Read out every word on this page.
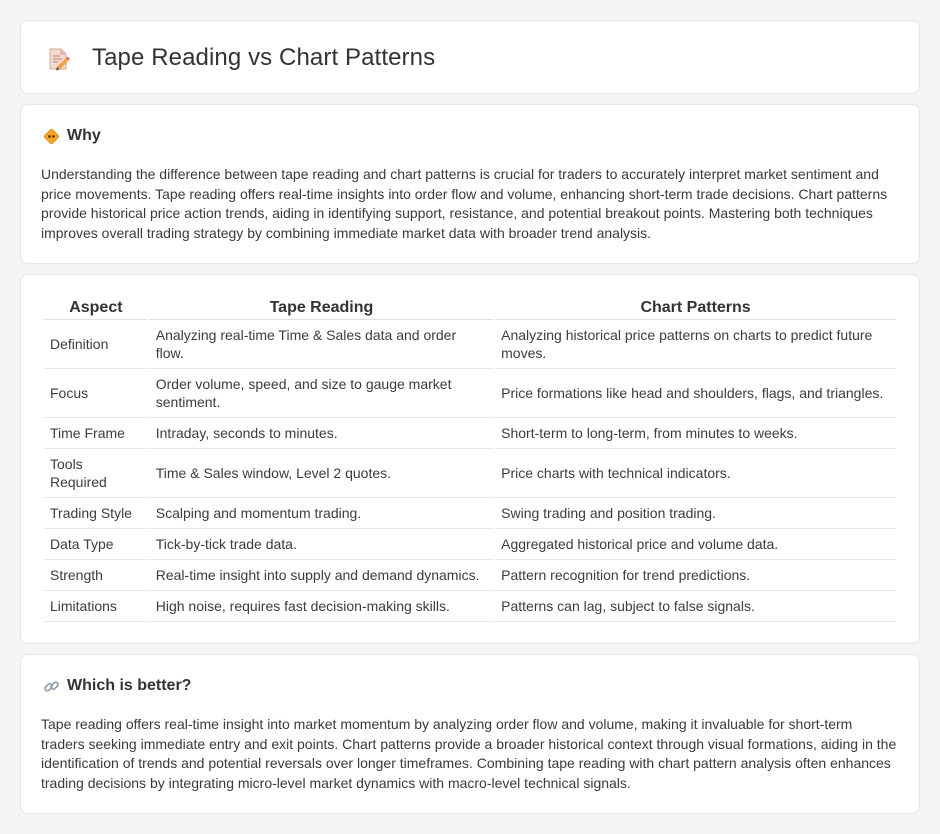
Tape Reading vs Chart Patterns
Why

Understanding the difference between tape reading and chart patterns is crucial for traders to accurately interpret market sentiment and price movements. Tape reading offers real-time insights into order flow and volume, enhancing short-term trade decisions. Chart patterns provide historical price action trends, aiding in identifying support, resistance, and potential breakout points. Mastering both techniques improves overall trading strategy by combining immediate market data with broader trend analysis.

Aspect	Tape Reading	Chart Patterns
Definition	Analyzing real-time Time & Sales data and order flow.	Analyzing historical price patterns on charts to predict future moves.
Focus	Order volume, speed, and size to gauge market sentiment.	Price formations like head and shoulders, flags, and triangles.
Time Frame	Intraday, seconds to minutes.	Short-term to long-term, from minutes to weeks.
Tools Required	Time & Sales window, Level 2 quotes.	Price charts with technical indicators.
Trading Style	Scalping and momentum trading.	Swing trading and position trading.
Data Type	Tick-by-tick trade data.	Aggregated historical price and volume data.
Strength	Real-time insight into supply and demand dynamics.	Pattern recognition for trend predictions.
Limitations	High noise, requires fast decision-making skills.	Patterns can lag, subject to false signals.
Which is better?

Tape reading offers real-time insight into market momentum by analyzing order flow and volume, making it invaluable for short-term traders seeking immediate entry and exit points. Chart patterns provide a broader historical context through visual formations, aiding in the identification of trends and potential reversals over longer timeframes. Combining tape reading with chart pattern analysis often enhances trading decisions by integrating micro-level market dynamics with macro-level technical signals.
